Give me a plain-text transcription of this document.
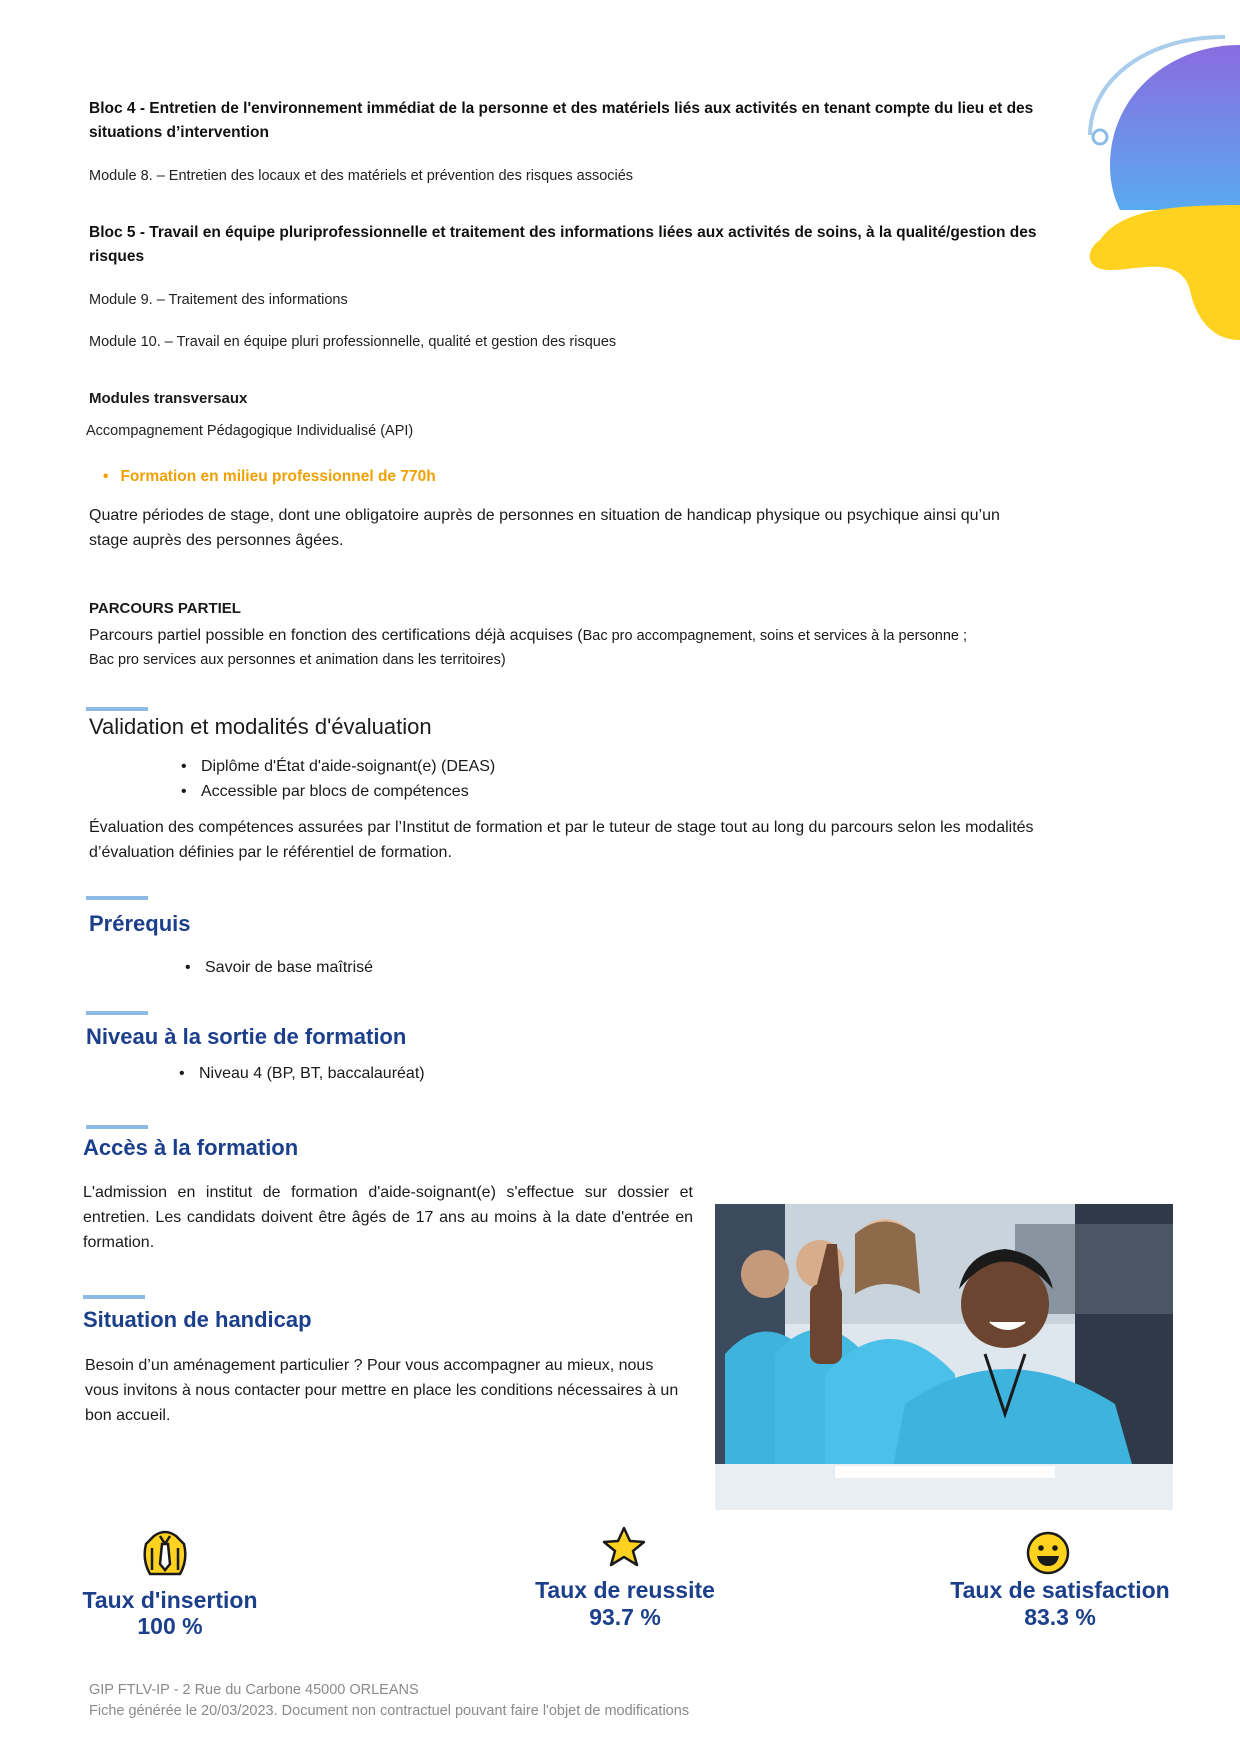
Bloc 4 - Entretien de l'environnement immédiat de la personne et des matériels liés aux activités en tenant compte du lieu et des situations d’intervention
Module 8. – Entretien des locaux et des matériels et prévention des risques associés
Bloc 5 - Travail en équipe pluriprofessionnelle et traitement des informations liées aux activités de soins, à la qualité/gestion des risques
Module 9. – Traitement des informations
Module 10. – Travail en équipe pluri professionnelle, qualité et gestion des risques
Modules transversaux
Accompagnement Pédagogique Individualisé (API)
• Formation en milieu professionnel de 770h
Quatre périodes de stage, dont une obligatoire auprès de personnes en situation de handicap physique ou psychique ainsi qu’un stage auprès des personnes âgées.
PARCOURS PARTIEL
Parcours partiel possible en fonction des certifications déjà acquises (Bac pro accompagnement, soins et services à la personne ;
Bac pro services aux personnes et animation dans les territoires)
Validation et modalités d'évaluation
• Diplôme d'État d'aide-soignant(e) (DEAS)
• Accessible par blocs de compétences
Évaluation des compétences assurées par l’Institut de formation et par le tuteur de stage tout au long du parcours selon les modalités d’évaluation définies par le référentiel de formation.
Prérequis
• Savoir de base maîtrisé
Niveau à la sortie de formation
• Niveau 4 (BP, BT, baccalauréat)
Accès à la formation
L'admission en institut de formation d'aide-soignant(e) s'effectue sur dossier et entretien. Les candidats doivent être âgés de 17 ans au moins à la date d'entrée en formation.
Situation de handicap
Besoin d’un aménagement particulier ? Pour vous accompagner au mieux, nous vous invitons à nous contacter pour mettre en place les conditions nécessaires à un bon accueil.
Taux d'insertion
100 %
Taux de reussite
93.7 %
Taux de satisfaction
83.3 %
GIP FTLV-IP - 2 Rue du Carbone 45000 ORLEANS
Fiche générée le 20/03/2023. Document non contractuel pouvant faire l'objet de modifications
